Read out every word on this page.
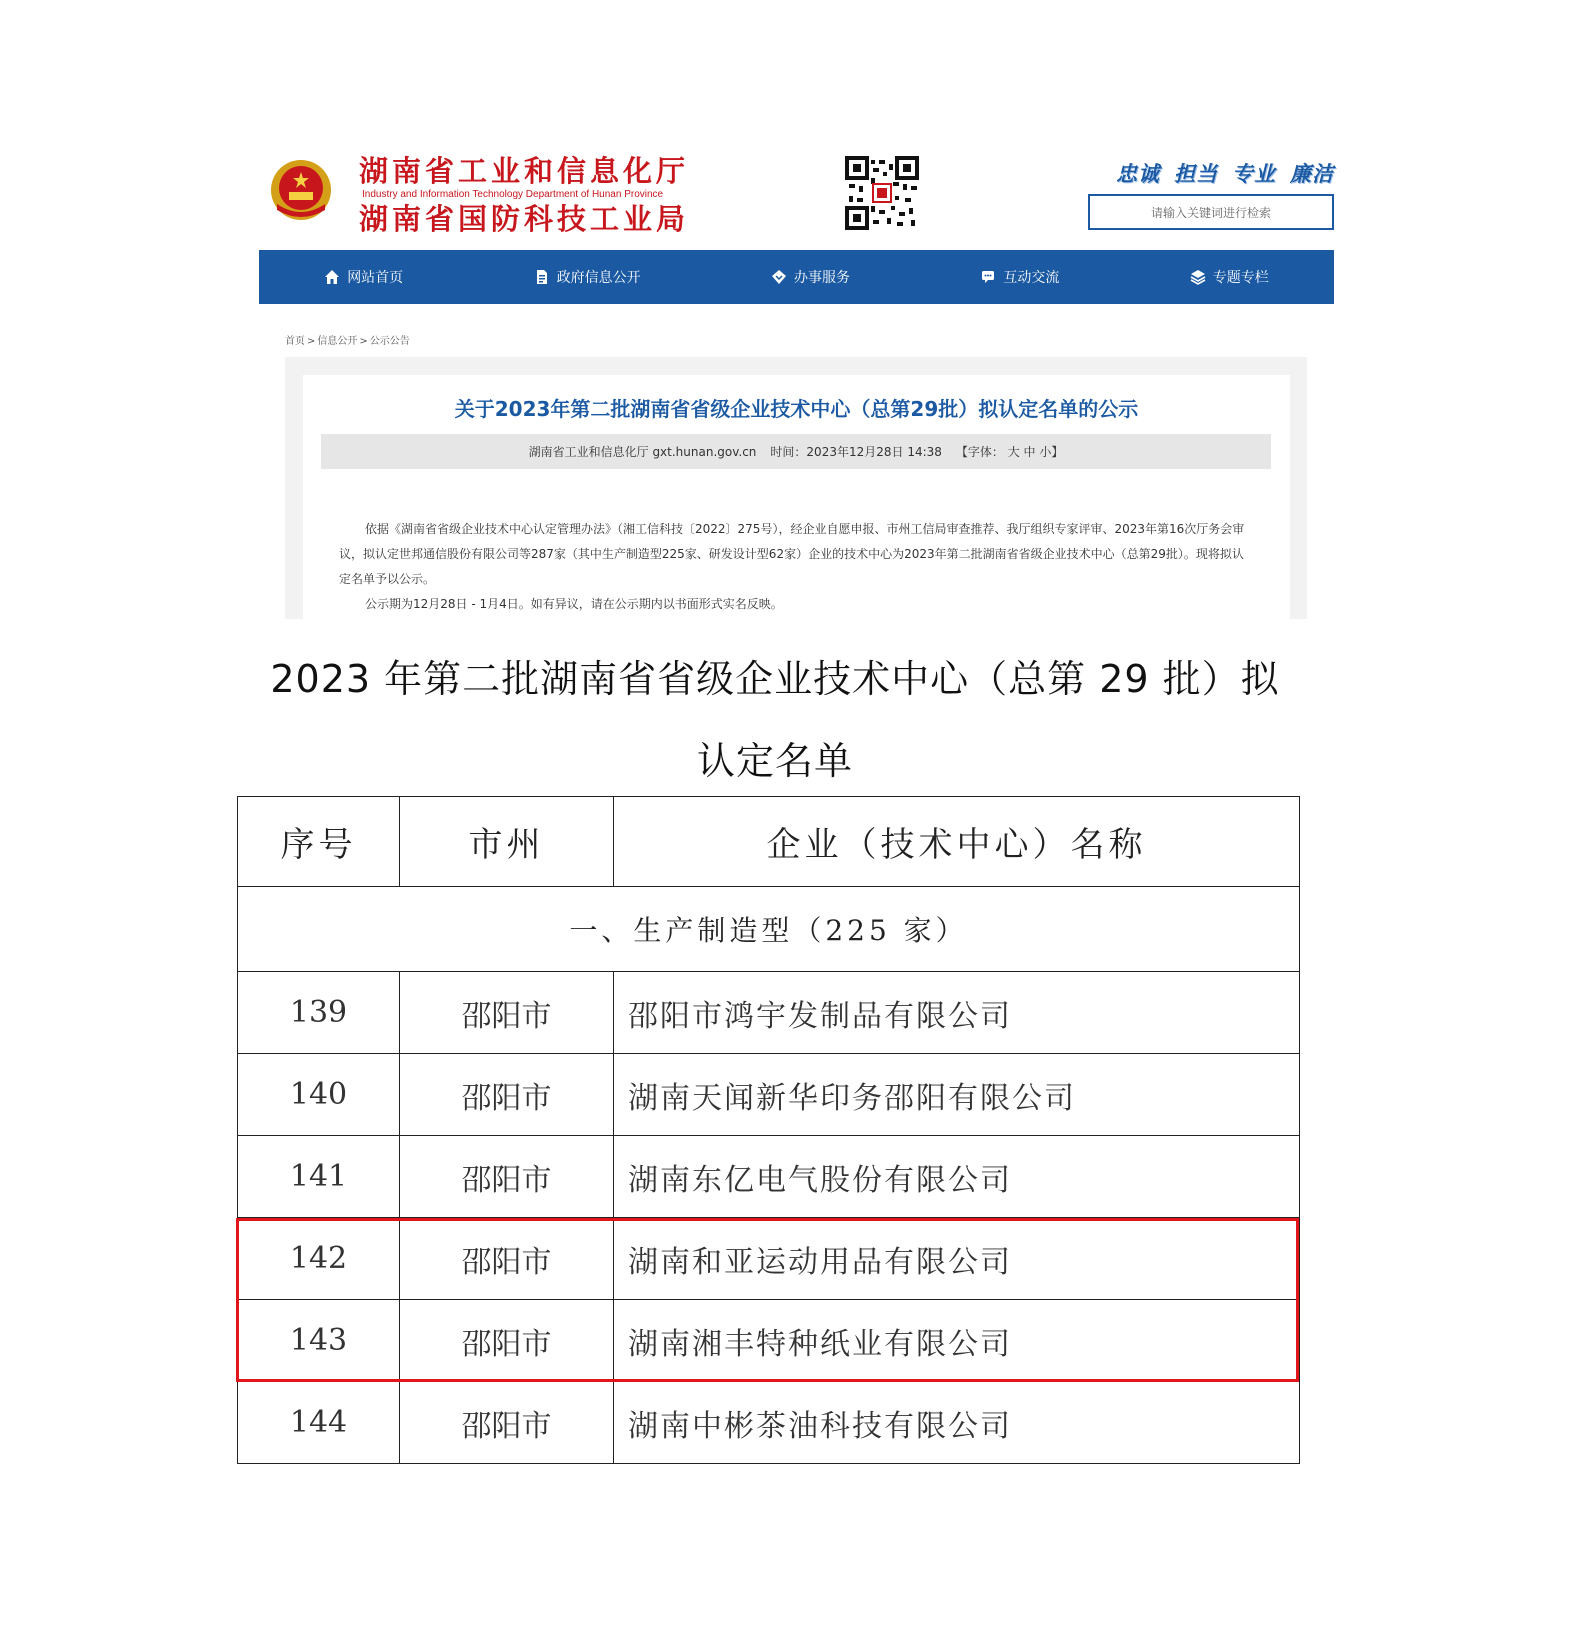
湖南省工业和信息化厅
Industry and Information Technology Department of Hunan Province
湖南省国防科技工业局
忠诚 担当 专业 廉洁
请输入关键词进行检索
网站首页	政府信息公开	办事服务	互动交流	专题专栏
首页 > 信息公开 > 公示公告
关于2023年第二批湖南省省级企业技术中心（总第29批）拟认定名单的公示
湖南省工业和信息化厅 gxt.hunan.gov.cn 时间：2023年12月28日 14:38 【字体： 大 中 小】
依据《湖南省省级企业技术中心认定管理办法》（湘工信科技〔2022〕275号），经企业自愿申报、市州工信局审查推荐、我厅组织专家评审、2023年第16次厅务会审议，拟认定世邦通信股份有限公司等287家（其中生产制造型225家、研发设计型62家）企业的技术中心为2023年第二批湖南省省级企业技术中心（总第29批）。现将拟认定名单予以公示。
公示期为12月28日 - 1月4日。如有异议，请在公示期内以书面形式实名反映。
2023 年第二批湖南省省级企业技术中心（总第 29 批）拟
认定名单
序号	市州	企业（技术中心）名称
一、生产制造型（225 家）		
139	邵阳市	邵阳市鸿宇发制品有限公司
140	邵阳市	湖南天闻新华印务邵阳有限公司
141	邵阳市	湖南东亿电气股份有限公司
142	邵阳市	湖南和亚运动用品有限公司
143	邵阳市	湖南湘丰特种纸业有限公司
144	邵阳市	湖南中彬茶油科技有限公司
